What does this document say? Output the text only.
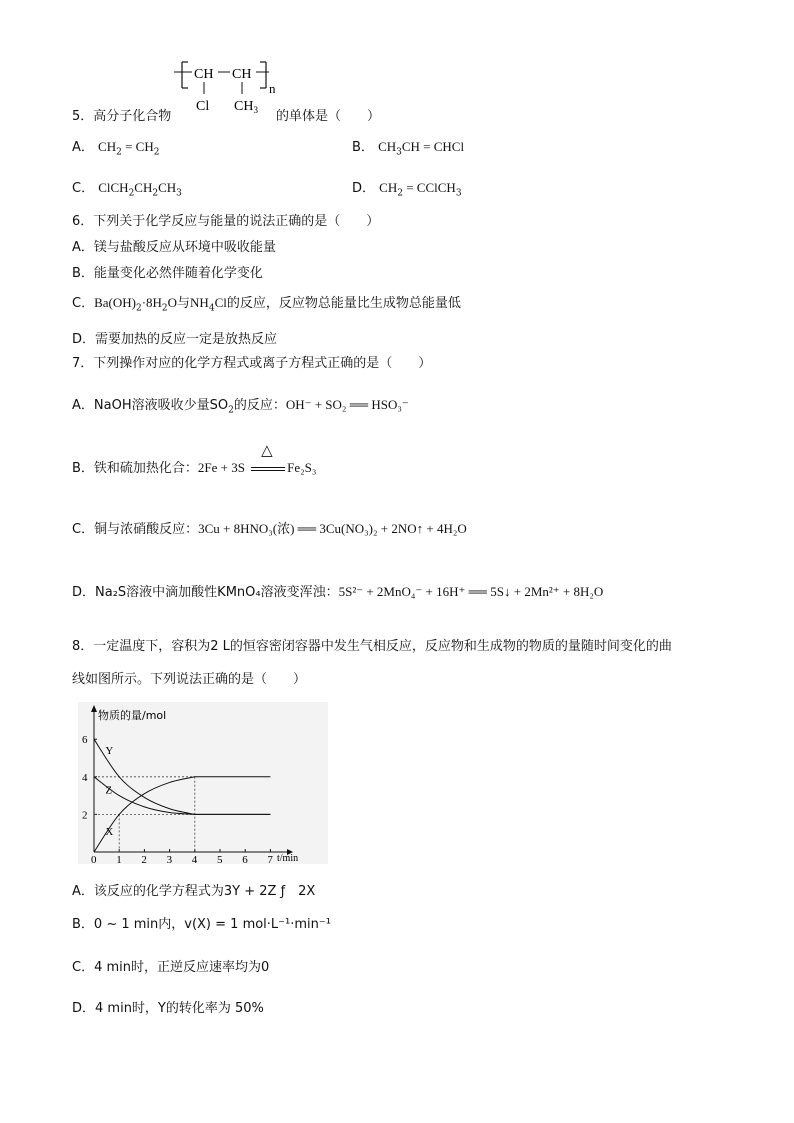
CH CH
n
Cl $CH_3$
5．高分子化合物	的单体是（　　）
A． $CH_2 = CH_2$	B． $CH_3CH$ = CHCl
C． $ClCH_2CH_2CH_3$	D． $CH_2$ = CClCH$_3$
6．下列关于化学反应与能量的说法正确的是（　　）
A．镁与盐酸反应从环境中吸收能量
B．能量变化必然伴随着化学变化
C．$Ba(OH)_2\cdot 8H_2O$与$NH_4Cl$的反应，反应物总能量比生成物总能量低
D．需要加热的反应一定是放热反应
7．下列操作对应的化学方程式或离子方程式正确的是（　　）
A．NaOH溶液吸收少量$SO_2$的反应：OH⁻ + SO₂ ══ HSO₃⁻
B．铁和硫加热化合：2Fe + 3S
△
Fe₂S₃
C．铜与浓硝酸反应：3Cu + 8HNO₃(浓) ══ 3Cu(NO₃)₂ + 2NO↑ + 4H₂O
D．Na₂S溶液中滴加酸性KMnO₄溶液变浑浊：5S²⁻ + 2MnO₄⁻ + 16H⁺ ══ 5S↓ + 2Mn²⁺ + 8H₂O
8．一定温度下，容积为2 L的恒容密闭容器中发生气相反应，反应物和生成物的物质的量随时间变化的曲
线如图所示。下列说法正确的是（　　）
物质的量/mol
t/min
0 1 2 3 4 5 6 7
2
4
6
Y
Z
X
A．该反应的化学方程式为3Y + 2Z ƒ　2X
B．0 ~ 1 min内，v(X) = 1 mol·L⁻¹·min⁻¹
C．4 min时，正逆反应速率均为0
D．4 min时，Y的转化率为 50%
